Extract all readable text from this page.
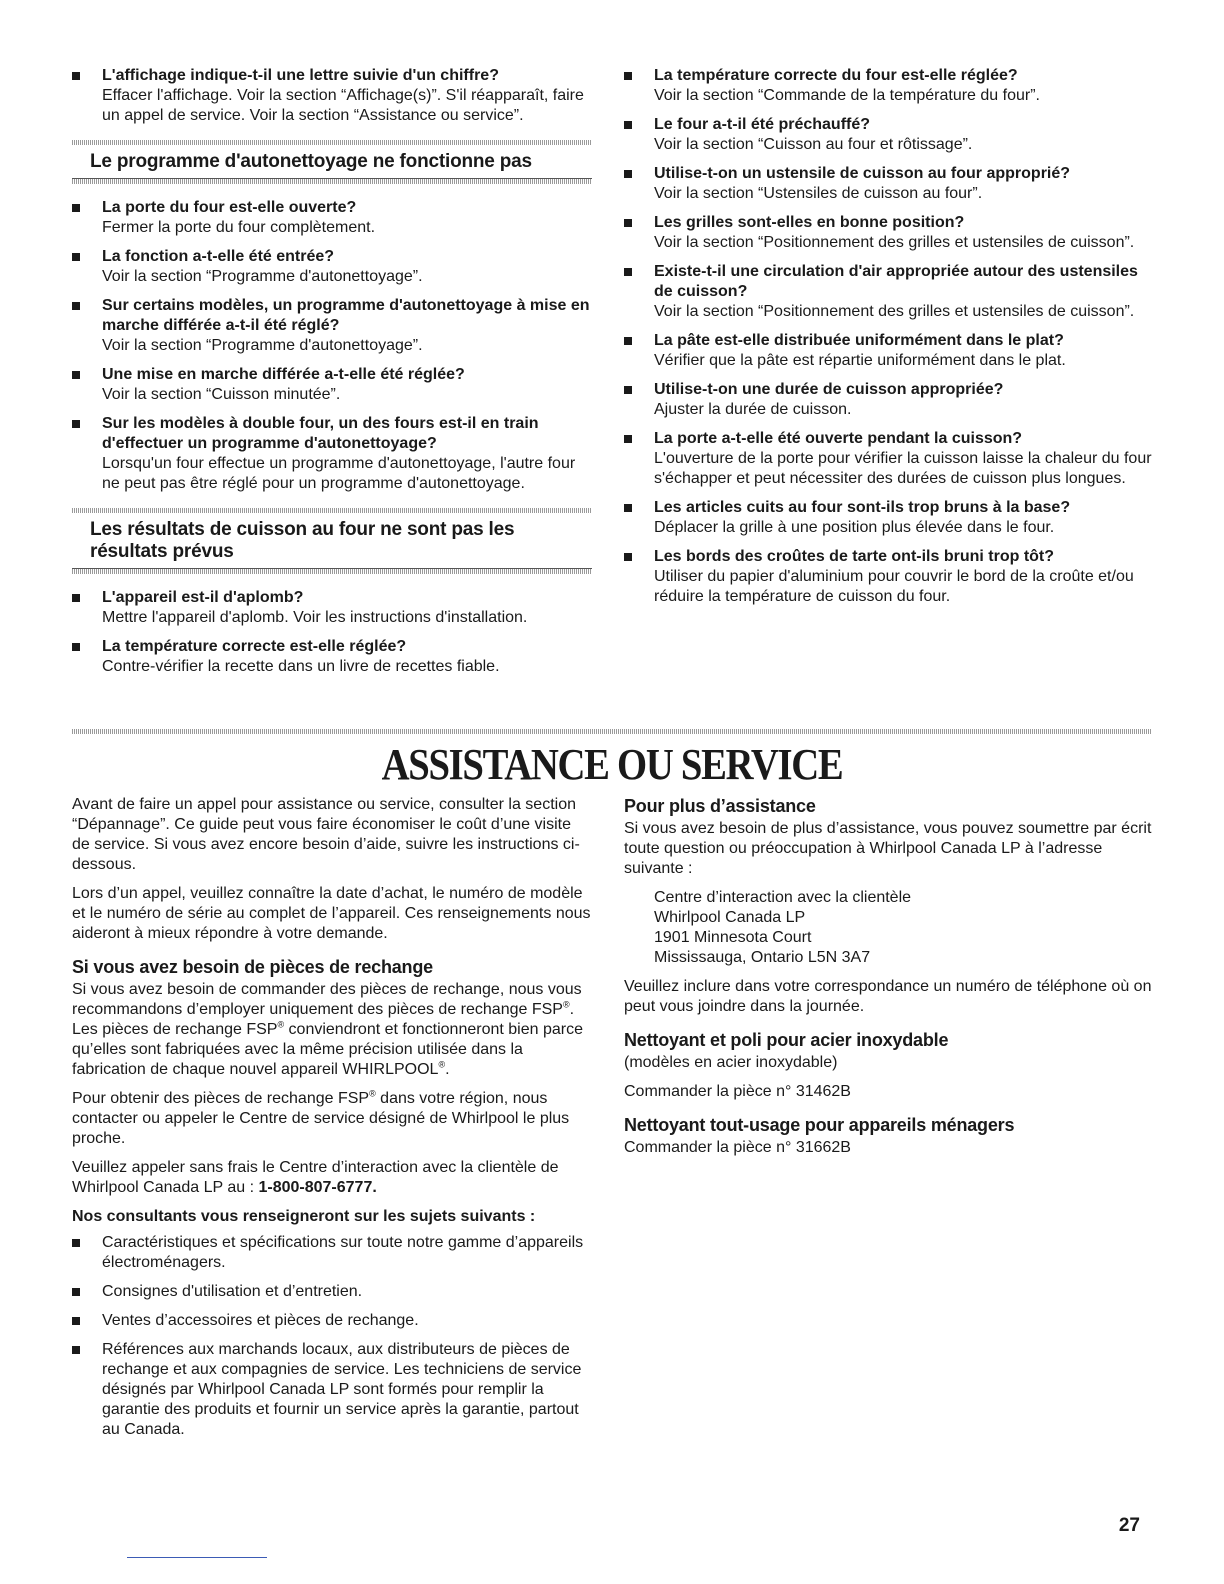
L'affichage indique-t-il une lettre suivie d'un chiffre?
Effacer l'affichage. Voir la section “Affichage(s)”. S'il réapparaît, faire un appel de service. Voir la section “Assistance ou service”.
Le programme d'autonettoyage ne fonctionne pas
La porte du four est-elle ouverte?
Fermer la porte du four complètement.
La fonction a-t-elle été entrée?
Voir la section “Programme d'autonettoyage”.
Sur certains modèles, un programme d'autonettoyage à mise en marche différée a-t-il été réglé?
Voir la section “Programme d'autonettoyage”.
Une mise en marche différée a-t-elle été réglée?
Voir la section “Cuisson minutée”.
Sur les modèles à double four, un des fours est-il en train d'effectuer un programme d'autonettoyage?
Lorsqu'un four effectue un programme d'autonettoyage, l'autre four ne peut pas être réglé pour un programme d'autonettoyage.
Les résultats de cuisson au four ne sont pas les résultats prévus
L'appareil est-il d'aplomb?
Mettre l'appareil d'aplomb. Voir les instructions d'installation.
La température correcte est-elle réglée?
Contre-vérifier la recette dans un livre de recettes fiable.
La température correcte du four est-elle réglée?
Voir la section “Commande de la température du four”.
Le four a-t-il été préchauffé?
Voir la section “Cuisson au four et rôtissage”.
Utilise-t-on un ustensile de cuisson au four approprié?
Voir la section “Ustensiles de cuisson au four”.
Les grilles sont-elles en bonne position?
Voir la section “Positionnement des grilles et ustensiles de cuisson”.
Existe-t-il une circulation d'air appropriée autour des ustensiles de cuisson?
Voir la section “Positionnement des grilles et ustensiles de cuisson”.
La pâte est-elle distribuée uniformément dans le plat?
Vérifier que la pâte est répartie uniformément dans le plat.
Utilise-t-on une durée de cuisson appropriée?
Ajuster la durée de cuisson.
La porte a-t-elle été ouverte pendant la cuisson?
L'ouverture de la porte pour vérifier la cuisson laisse la chaleur du four s'échapper et peut nécessiter des durées de cuisson plus longues.
Les articles cuits au four sont-ils trop bruns à la base?
Déplacer la grille à une position plus élevée dans le four.
Les bords des croûtes de tarte ont-ils bruni trop tôt?
Utiliser du papier d'aluminium pour couvrir le bord de la croûte et/ou réduire la température de cuisson du four.
ASSISTANCE OU SERVICE

Avant de faire un appel pour assistance ou service, consulter la section “Dépannage”. Ce guide peut vous faire économiser le coût d’une visite de service. Si vous avez encore besoin d’aide, suivre les instructions ci-dessous.

Lors d’un appel, veuillez connaître la date d’achat, le numéro de modèle et le numéro de série au complet de l’appareil. Ces renseignements nous aideront à mieux répondre à votre demande.

Si vous avez besoin de pièces de rechange

Si vous avez besoin de commander des pièces de rechange, nous vous recommandons d’employer uniquement des pièces de rechange FSP®. Les pièces de rechange FSP® conviendront et fonctionneront bien parce qu’elles sont fabriquées avec la même précision utilisée dans la fabrication de chaque nouvel appareil WHIRLPOOL®.

Pour obtenir des pièces de rechange FSP® dans votre région, nous contacter ou appeler le Centre de service désigné de Whirlpool le plus proche.

Veuillez appeler sans frais le Centre d’interaction avec la clientèle de Whirlpool Canada LP au : 1-800-807-6777.

Nos consultants vous renseigneront sur les sujets suivants :

Caractéristiques et spécifications sur toute notre gamme d’appareils électroménagers.
Consignes d'utilisation et d’entretien.
Ventes d’accessoires et pièces de rechange.
Références aux marchands locaux, aux distributeurs de pièces de rechange et aux compagnies de service. Les techniciens de service désignés par Whirlpool Canada LP sont formés pour remplir la garantie des produits et fournir un service après la garantie, partout au Canada.
Pour plus d’assistance

Si vous avez besoin de plus d’assistance, vous pouvez soumettre par écrit toute question ou préoccupation à Whirlpool Canada LP à l’adresse suivante :

Centre d’interaction avec la clientèle
Whirlpool Canada LP
1901 Minnesota Court
Mississauga, Ontario L5N 3A7

Veuillez inclure dans votre correspondance un numéro de téléphone où on peut vous joindre dans la journée.

Nettoyant et poli pour acier inoxydable

(modèles en acier inoxydable)

Commander la pièce n° 31462B

Nettoyant tout-usage pour appareils ménagers

Commander la pièce n° 31662B

27
